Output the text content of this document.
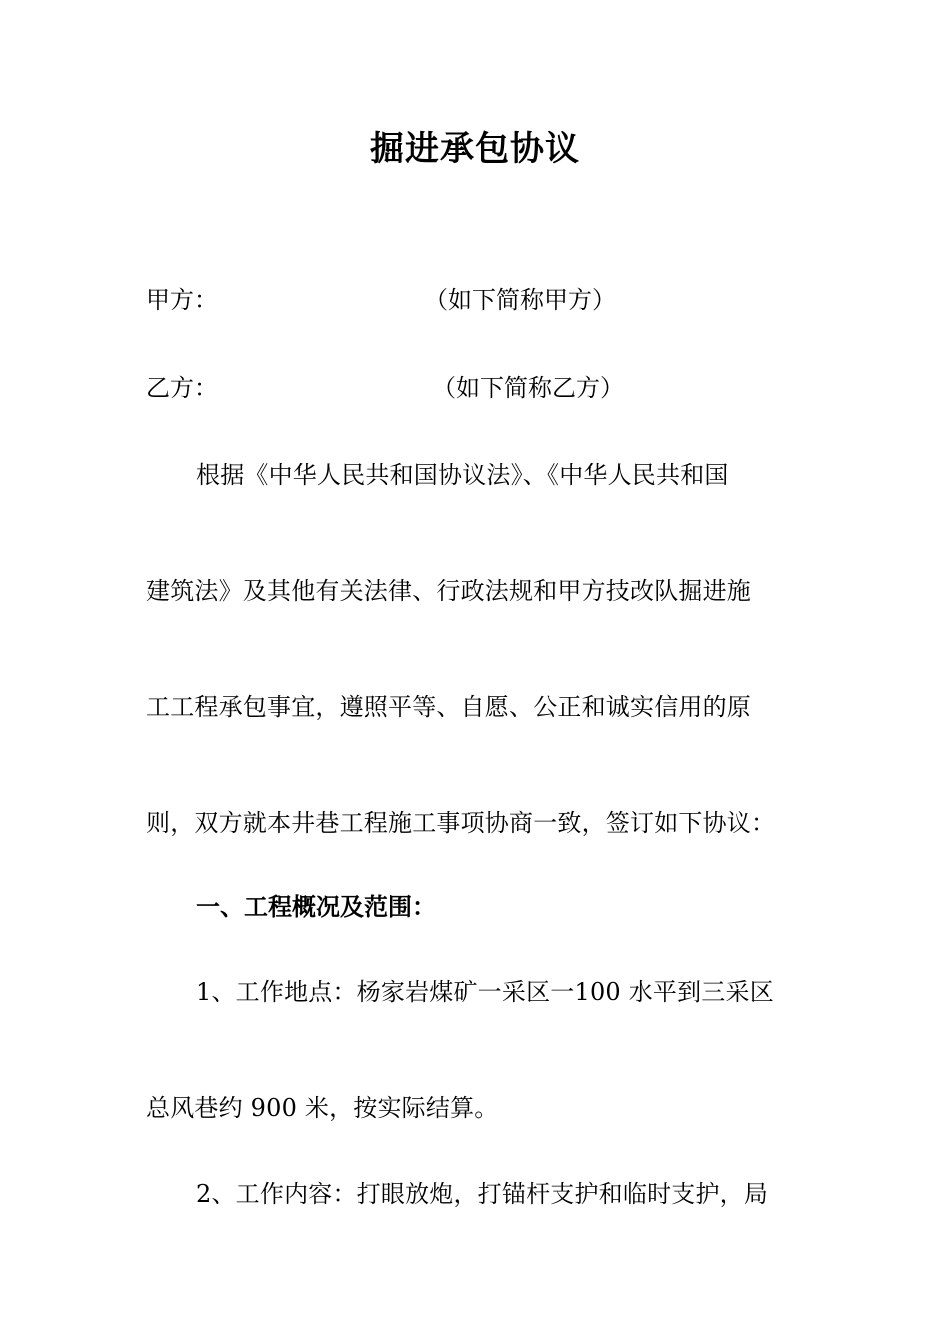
掘进承包协议
甲方：	（如下简称甲方）
乙方：	（如下简称乙方）
根据《中华人民共和国协议法》、《中华人民共和国
建筑法》及其他有关法律、行政法规和甲方技改队掘进施
工工程承包事宜，遵照平等、自愿、公正和诚实信用的原
则，双方就本井巷工程施工事项协商一致，签订如下协议：
一、工程概况及范围：
1、工作地点：杨家岩煤矿一采区一100 水平到三采区
总风巷约 900 米，按实际结算。
2、工作内容：打眼放炮，打锚杆支护和临时支护，局
